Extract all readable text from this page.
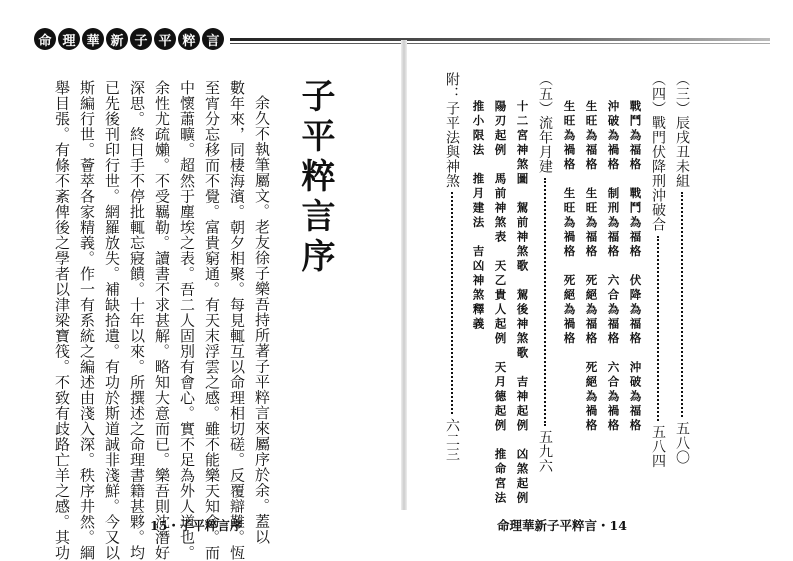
命 理 華 新 子 平 粹 言
子平粹言序
余久不執筆屬文。老友徐子樂吾持所著子平粹言來屬序於余。蓋以
數年來，同棲海濱。朝夕相聚。每見輒互以命理相切磋。反覆辯難。恆
至宵分忘移而不覺。富貴窮通。有天末浮雲之感。雖不能樂天知命。而
中懷蕭曠。超然于塵埃之表。吾二人固別有會心。實不足為外人道也。
余性尤疏嬾。不受羈勒。讀書不求甚解。略知大意而已。樂吾則沈潛好
深思。終日手不停批輒忘寢饋。十年以來。所撰述之命理書籍甚夥。均
已先後刊印行世。網羅放失。補缺拾遺。有功於斯道誠非淺鮮。今又以
斯編行世。薈萃各家精義。作一有系統之編述由淺入深。秩序井然。綱
舉目張。有條不紊俾後之學者以津梁寶筏。不致有歧路亡羊之感。其功	15・子平粹言序
（三）辰戌丑未組五八〇
（四）戰門伏降刑沖破合五八四
戰鬥為福格　戰鬥為福格　伏降為福格　沖破為福格
沖破為禍格　制刑為福格　六合為福格　六合為禍格
生旺為福格　生旺為福格　死絕為福格　死絕為禍格
生旺為禍格　生旺為禍格　死絕為禍格
（五）流年月建五九六
十二宮神煞圖　駕前神煞歌　駕後神煞歌　吉神起例　凶煞起例
陽刃起例　馬前神煞表　天乙貴人起例　天月德起例　推命宮法
推小限法　推月建法　吉凶神煞釋義
附：子平法與神煞六二三
命理華新子平粹言・14
